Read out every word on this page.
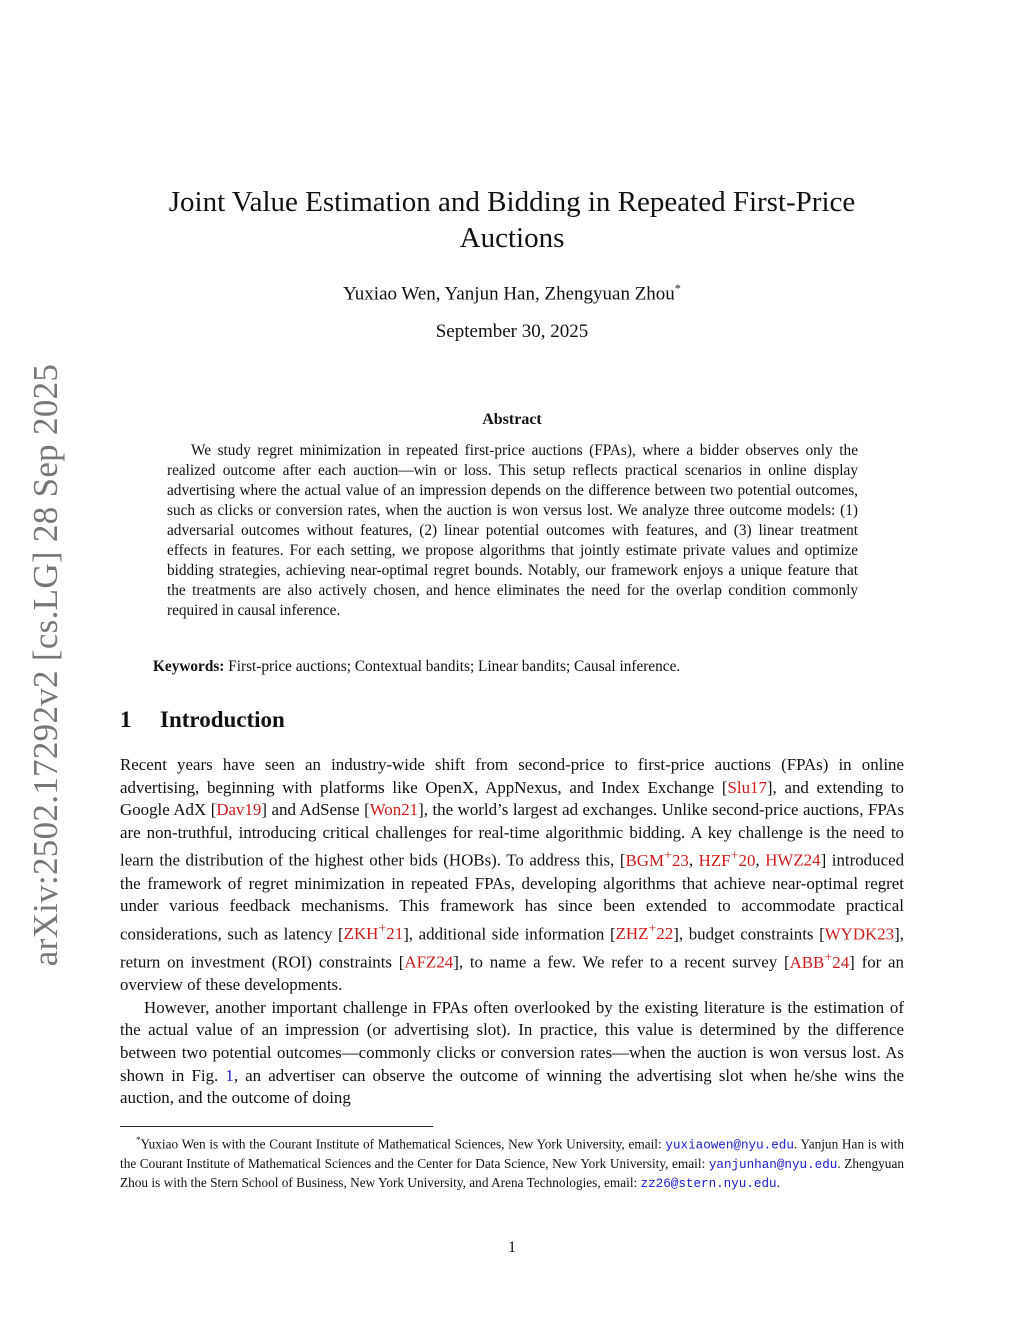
arXiv:2502.17292v2 [cs.LG] 28 Sep 2025
Joint Value Estimation and Bidding in Repeated First-Price Auctions
Yuxiao Wen, Yanjun Han, Zhengyuan Zhou*
September 30, 2025
Abstract

We study regret minimization in repeated first-price auctions (FPAs), where a bidder observes only the realized outcome after each auction—win or loss. This setup reflects practical scenarios in online display advertising where the actual value of an impression depends on the difference between two potential outcomes, such as clicks or conversion rates, when the auction is won versus lost. We analyze three outcome models: (1) adversarial outcomes without features, (2) linear potential outcomes with features, and (3) linear treatment effects in features. For each setting, we propose algorithms that jointly estimate private values and optimize bidding strategies, achieving near-optimal regret bounds. Notably, our framework enjoys a unique feature that the treatments are also actively chosen, and hence eliminates the need for the overlap condition commonly required in causal inference.

Keywords: First-price auctions; Contextual bandits; Linear bandits; Causal inference.
1 Introduction

Recent years have seen an industry-wide shift from second-price to first-price auctions (FPAs) in online advertising, beginning with platforms like OpenX, AppNexus, and Index Exchange [Slu17], and extending to Google AdX [Dav19] and AdSense [Won21], the world’s largest ad exchanges. Unlike second-price auctions, FPAs are non-truthful, introducing critical challenges for real-time algorithmic bidding. A key challenge is the need to learn the distribution of the highest other bids (HOBs). To address this, [BGM+23, HZF+20, HWZ24] introduced the framework of regret minimization in repeated FPAs, developing algorithms that achieve near-optimal regret under various feedback mechanisms. This framework has since been extended to accommodate practical considerations, such as latency [ZKH+21], additional side information [ZHZ+22], budget constraints [WYDK23], return on investment (ROI) constraints [AFZ24], to name a few. We refer to a recent survey [ABB+24] for an overview of these developments.

However, another important challenge in FPAs often overlooked by the existing literature is the estimation of the actual value of an impression (or advertising slot). In practice, this value is determined by the difference between two potential outcomes—commonly clicks or conversion rates—when the auction is won versus lost. As shown in Fig. 1, an advertiser can observe the outcome of winning the advertising slot when he/she wins the auction, and the outcome of doing

*Yuxiao Wen is with the Courant Institute of Mathematical Sciences, New York University, email: yuxiaowen@nyu.edu. Yanjun Han is with the Courant Institute of Mathematical Sciences and the Center for Data Science, New York University, email: yanjunhan@nyu.edu. Zhengyuan Zhou is with the Stern School of Business, New York University, and Arena Technologies, email: zz26@stern.nyu.edu.

1
